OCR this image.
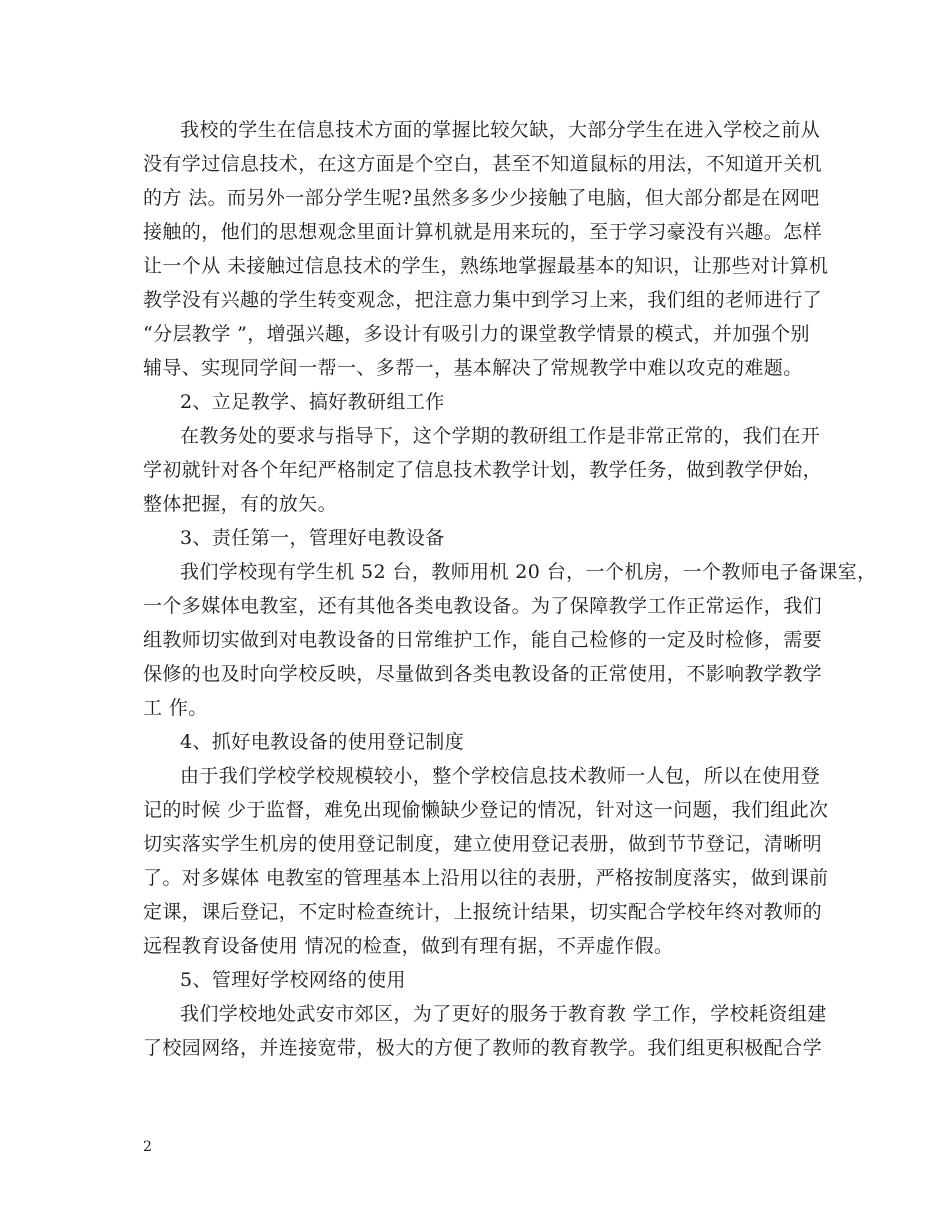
我校的学生在信息技术方面的掌握比较欠缺，大部分学生在进入学校之前从
没有学过信息技术，在这方面是个空白，甚至不知道鼠标的用法，不知道开关机
的方 法。而另外一部分学生呢?虽然多多少少接触了电脑，但大部分都是在网吧
接触的，他们的思想观念里面计算机就是用来玩的，至于学习豪没有兴趣。怎样
让一个从 未接触过信息技术的学生，熟练地掌握最基本的知识，让那些对计算机
教学没有兴趣的学生转变观念，把注意力集中到学习上来，我们组的老师进行了
“分层教学 ”，增强兴趣，多设计有吸引力的课堂教学情景的模式，并加强个别
辅导、实现同学间一帮一、多帮一，基本解决了常规教学中难以攻克的难题。
2、立足教学、搞好教研组工作
在教务处的要求与指导下，这个学期的教研组工作是非常正常的，我们在开
学初就针对各个年纪严格制定了信息技术教学计划，教学任务，做到教学伊始，
整体把握，有的放矢。
3、责任第一，管理好电教设备
我们学校现有学生机 52 台，教师用机 20 台，一个机房，一个教师电子备课室，
一个多媒体电教室，还有其他各类电教设备。为了保障教学工作正常运作，我们
组教师切实做到对电教设备的日常维护工作，能自己检修的一定及时检修，需要
保修的也及时向学校反映，尽量做到各类电教设备的正常使用，不影响教学教学
工 作。
4、抓好电教设备的使用登记制度
由于我们学校学校规模较小，整个学校信息技术教师一人包，所以在使用登
记的时候 少于监督，难免出现偷懒缺少登记的情况，针对这一问题，我们组此次
切实落实学生机房的使用登记制度，建立使用登记表册，做到节节登记，清晰明
了。对多媒体 电教室的管理基本上沿用以往的表册，严格按制度落实，做到课前
定课，课后登记，不定时检查统计，上报统计结果，切实配合学校年终对教师的
远程教育设备使用 情况的检查，做到有理有据，不弄虚作假。
5、管理好学校网络的使用
我们学校地处武安市郊区，为了更好的服务于教育教 学工作，学校耗资组建
了校园网络，并连接宽带，极大的方便了教师的教育教学。我们组更积极配合学
2
